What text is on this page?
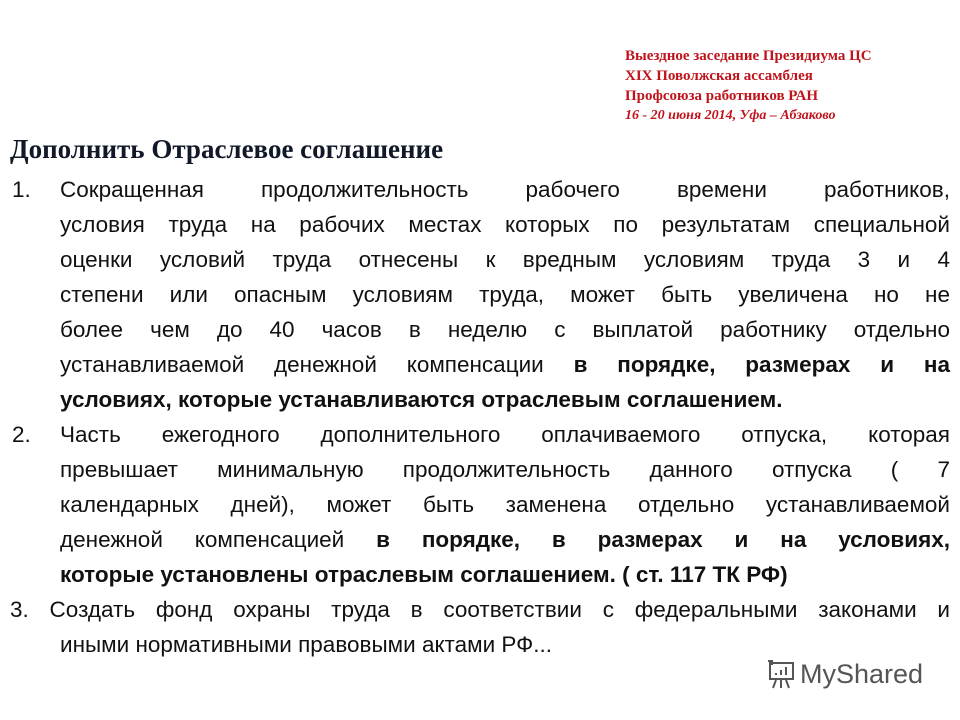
Выездное заседание Президиума ЦС
XIX Поволжская ассамблея
Профсоюза работников РАН
16 - 20 июня 2014, Уфа – Абзаково
Дополнить Отраслевое соглашение
1. Сокращенная продолжительность рабочего времени работников,
условия труда на рабочих местах которых по результатам специальной
оценки условий труда отнесены к вредным условиям труда 3 и 4
степени или опасным условиям труда, может быть увеличена но не
более чем до 40 часов в неделю с выплатой работнику отдельно
устанавливаемой денежной компенсации в порядке, размерах и на
условиях, которые устанавливаются отраслевым соглашением.
2. Часть ежегодного дополнительного оплачиваемого отпуска, которая
превышает минимальную продолжительность данного отпуска ( 7
календарных дней), может быть заменена отдельно устанавливаемой
денежной компенсацией в порядке, в размерах и на условиях,
которые установлены отраслевым соглашением. ( ст. 117 ТК РФ)
3. Создать фонд охраны труда в соответствии с федеральными законами и
иными нормативными правовыми актами РФ...
MyShared
